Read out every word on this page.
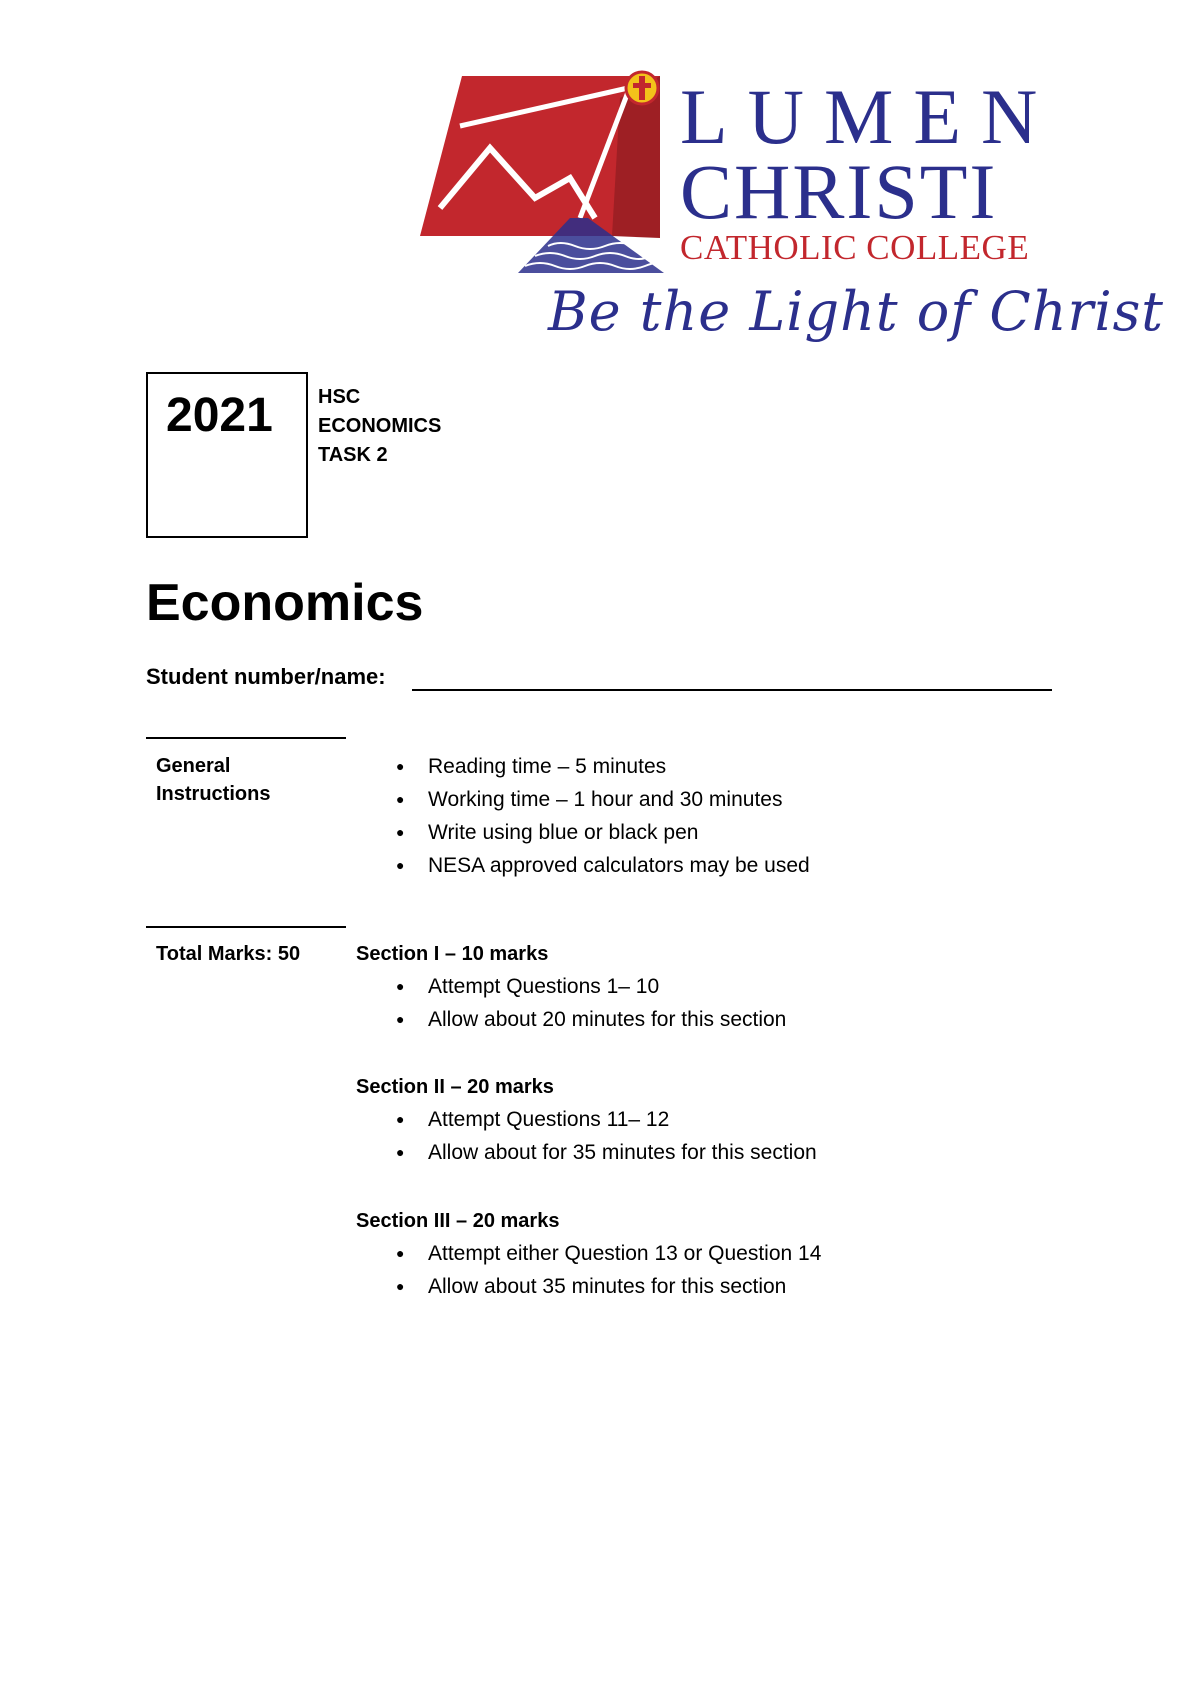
LUMEN
CHRISTI
CATHOLIC COLLEGE
Be the Light of Christ
2021 HSC
ECONOMICS
TASK 2
Economics
Student number/name:
General Instructions
● Reading time – 5 minutes
● Working time – 1 hour and 30 minutes
● Write using blue or black pen
● NESA approved calculators may be used
Total Marks: 50	Section I – 10 marks
● Attempt Questions 1– 10
● Allow about 20 minutes for this section
Section II – 20 marks
● Attempt Questions 11– 12
● Allow about for 35 minutes for this section
Section III – 20 marks
● Attempt either Question 13 or Question 14
● Allow about 35 minutes for this section
